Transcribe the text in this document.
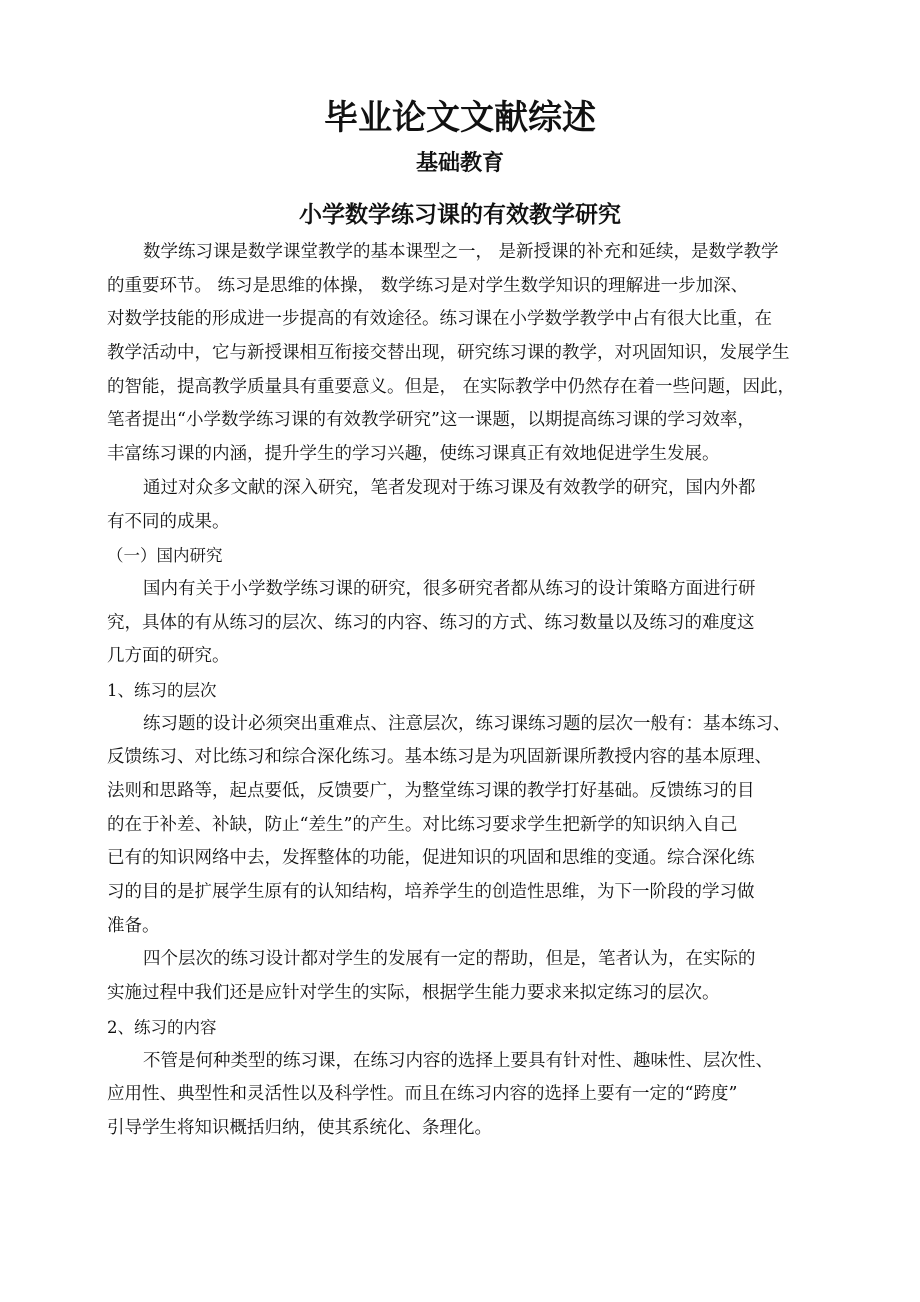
毕业论文文献综述
基础教育
小学数学练习课的有效教学研究
数学练习课是数学课堂教学的基本课型之一， 是新授课的补充和延续，是数学教学
的重要环节。 练习是思维的体操， 数学练习是对学生数学知识的理解进一步加深、
对数学技能的形成进一步提高的有效途径。练习课在小学数学教学中占有很大比重，在
教学活动中，它与新授课相互衔接交替出现，研究练习课的教学，对巩固知识，发展学生
的智能，提高教学质量具有重要意义。但是， 在实际教学中仍然存在着一些问题，因此，
笔者提出“小学数学练习课的有效教学研究”这一课题，以期提高练习课的学习效率，
丰富练习课的内涵，提升学生的学习兴趣，使练习课真正有效地促进学生发展。
通过对众多文献的深入研究，笔者发现对于练习课及有效教学的研究，国内外都
有不同的成果。
（一）国内研究
国内有关于小学数学练习课的研究，很多研究者都从练习的设计策略方面进行研
究，具体的有从练习的层次、练习的内容、练习的方式、练习数量以及练习的难度这
几方面的研究。
1、练习的层次
练习题的设计必须突出重难点、注意层次，练习课练习题的层次一般有：基本练习、
反馈练习、对比练习和综合深化练习。基本练习是为巩固新课所教授内容的基本原理、
法则和思路等，起点要低，反馈要广，为整堂练习课的教学打好基础。反馈练习的目
的在于补差、补缺，防止“差生”的产生。对比练习要求学生把新学的知识纳入自己
已有的知识网络中去，发挥整体的功能，促进知识的巩固和思维的变通。综合深化练
习的目的是扩展学生原有的认知结构，培养学生的创造性思维，为下一阶段的学习做
准备。
四个层次的练习设计都对学生的发展有一定的帮助，但是，笔者认为，在实际的
实施过程中我们还是应针对学生的实际，根据学生能力要求来拟定练习的层次。
2、练习的内容
不管是何种类型的练习课，在练习内容的选择上要具有针对性、趣味性、层次性、
应用性、典型性和灵活性以及科学性。而且在练习内容的选择上要有一定的“跨度”
引导学生将知识概括归纳，使其系统化、条理化。
